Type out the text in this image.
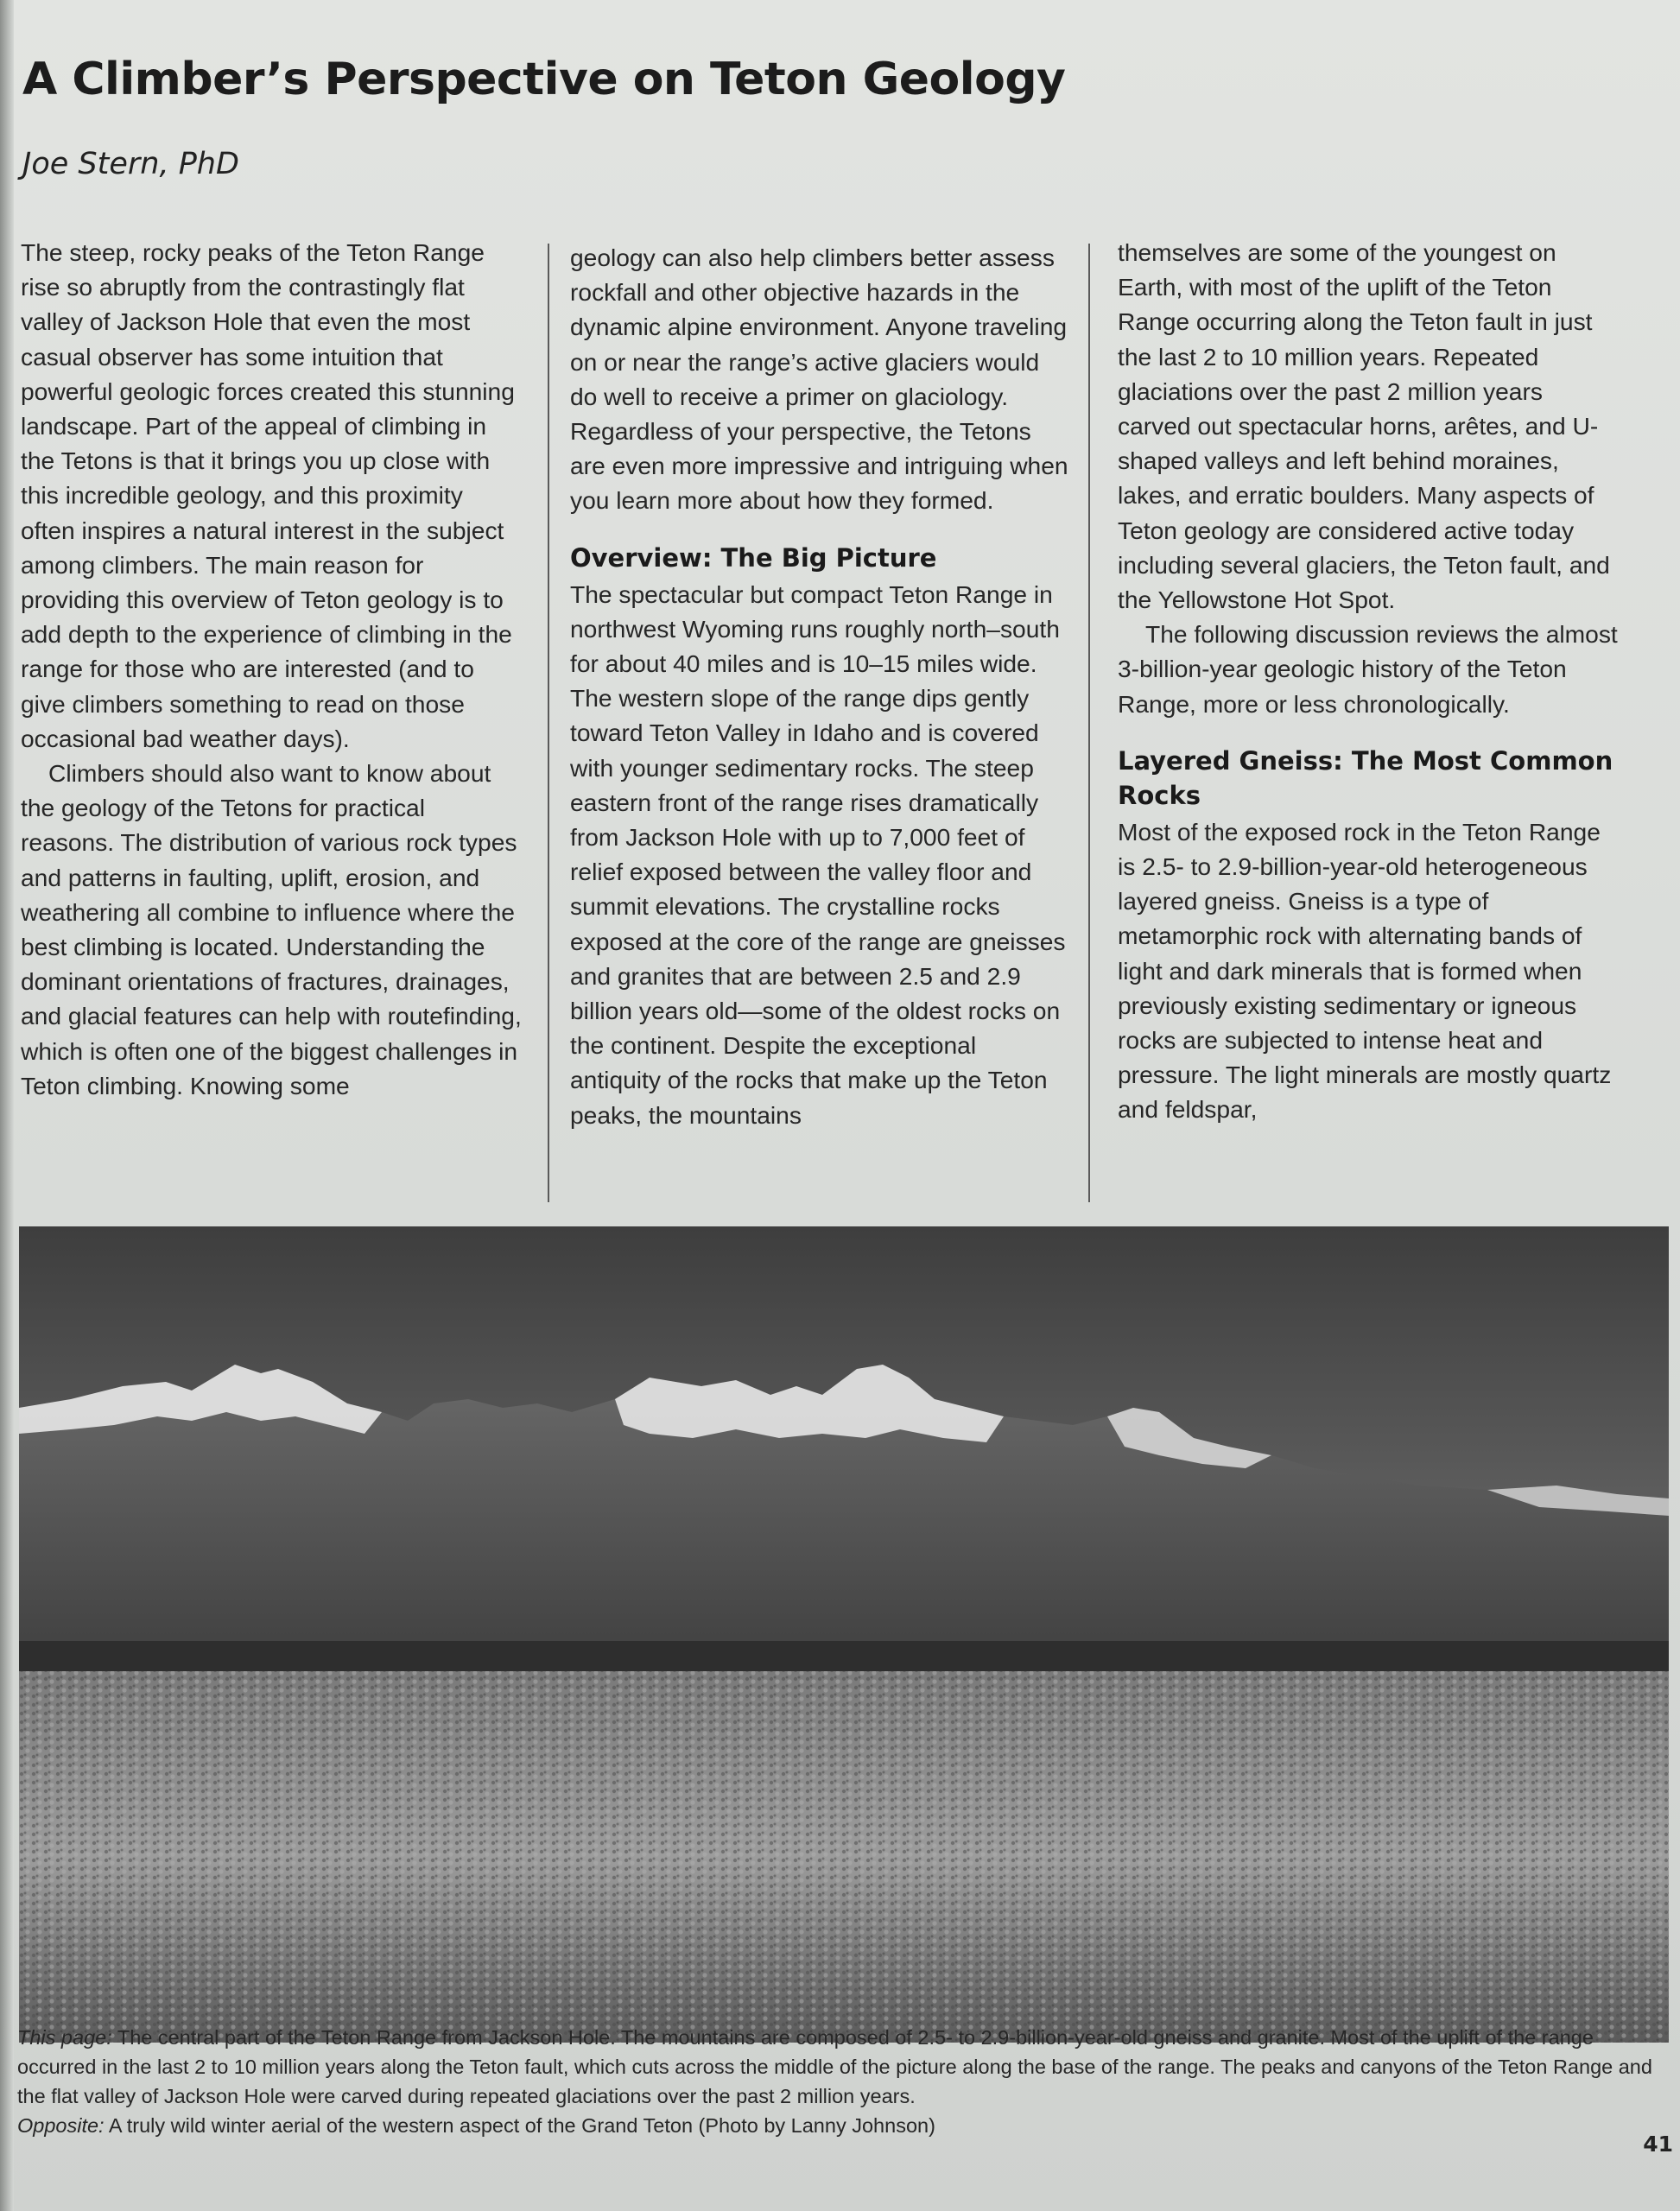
A Climber’s Perspective on Teton Geology
Joe Stern, PhD

The steep, rocky peaks of the Teton Range rise so abruptly from the contrastingly flat valley of Jackson Hole that even the most casual observer has some intuition that powerful geologic forces created this stunning landscape. Part of the appeal of climbing in the Tetons is that it brings you up close with this incredible geology, and this proximity often inspires a natural interest in the subject among climbers. The main reason for providing this overview of Teton geology is to add depth to the experience of climbing in the range for those who are interested (and to give climbers something to read on those occasional bad weather days).

Climbers should also want to know about the geology of the Tetons for practical reasons. The distribution of various rock types and patterns in faulting, uplift, erosion, and weathering all combine to influence where the best climbing is located. Understanding the dominant orientations of fractures, drainages, and glacial features can help with routefinding, which is often one of the biggest challenges in Teton climbing. Knowing some

geology can also help climbers better assess rockfall and other objective hazards in the dynamic alpine environment. Anyone traveling on or near the range’s active glaciers would do well to receive a primer on glaciology. Regardless of your perspective, the Tetons are even more impressive and intriguing when you learn more about how they formed.

Overview: The Big Picture

The spectacular but compact Teton Range in northwest Wyoming runs roughly north–south for about 40 miles and is 10–15 miles wide. The western slope of the range dips gently toward Teton Valley in Idaho and is covered with younger sedimentary rocks. The steep eastern front of the range rises dramatically from Jackson Hole with up to 7,000 feet of relief exposed between the valley floor and summit elevations. The crystalline rocks exposed at the core of the range are gneisses and granites that are between 2.5 and 2.9 billion years old—some of the oldest rocks on the continent. Despite the exceptional antiquity of the rocks that make up the Teton peaks, the mountains

themselves are some of the youngest on Earth, with most of the uplift of the Teton Range occurring along the Teton fault in just the last 2 to 10 million years. Repeated glaciations over the past 2 million years carved out spectacular horns, arêtes, and U-shaped valleys and left behind moraines, lakes, and erratic boulders. Many aspects of Teton geology are considered active today including several glaciers, the Teton fault, and the Yellowstone Hot Spot.

The following discussion reviews the almost 3-billion-year geologic history of the Teton Range, more or less chronologically.

Layered Gneiss: The Most Common Rocks

Most of the exposed rock in the Teton Range is 2.5- to 2.9-billion-year-old heterogeneous layered gneiss. Gneiss is a type of metamorphic rock with alternating bands of light and dark minerals that is formed when previously existing sedimentary or igneous rocks are subjected to intense heat and pressure. The light minerals are mostly quartz and feldspar,

This page: The central part of the Teton Range from Jackson Hole. The mountains are composed of 2.5- to 2.9-billion-year-old gneiss and granite. Most of the uplift of the range occurred in the last 2 to 10 million years along the Teton fault, which cuts across the middle of the picture along the base of the range. The peaks and canyons of the Teton Range and the flat valley of Jackson Hole were carved during repeated glaciations over the past 2 million years.

Opposite: A truly wild winter aerial of the western aspect of the Grand Teton (Photo by Lanny Johnson)

41
